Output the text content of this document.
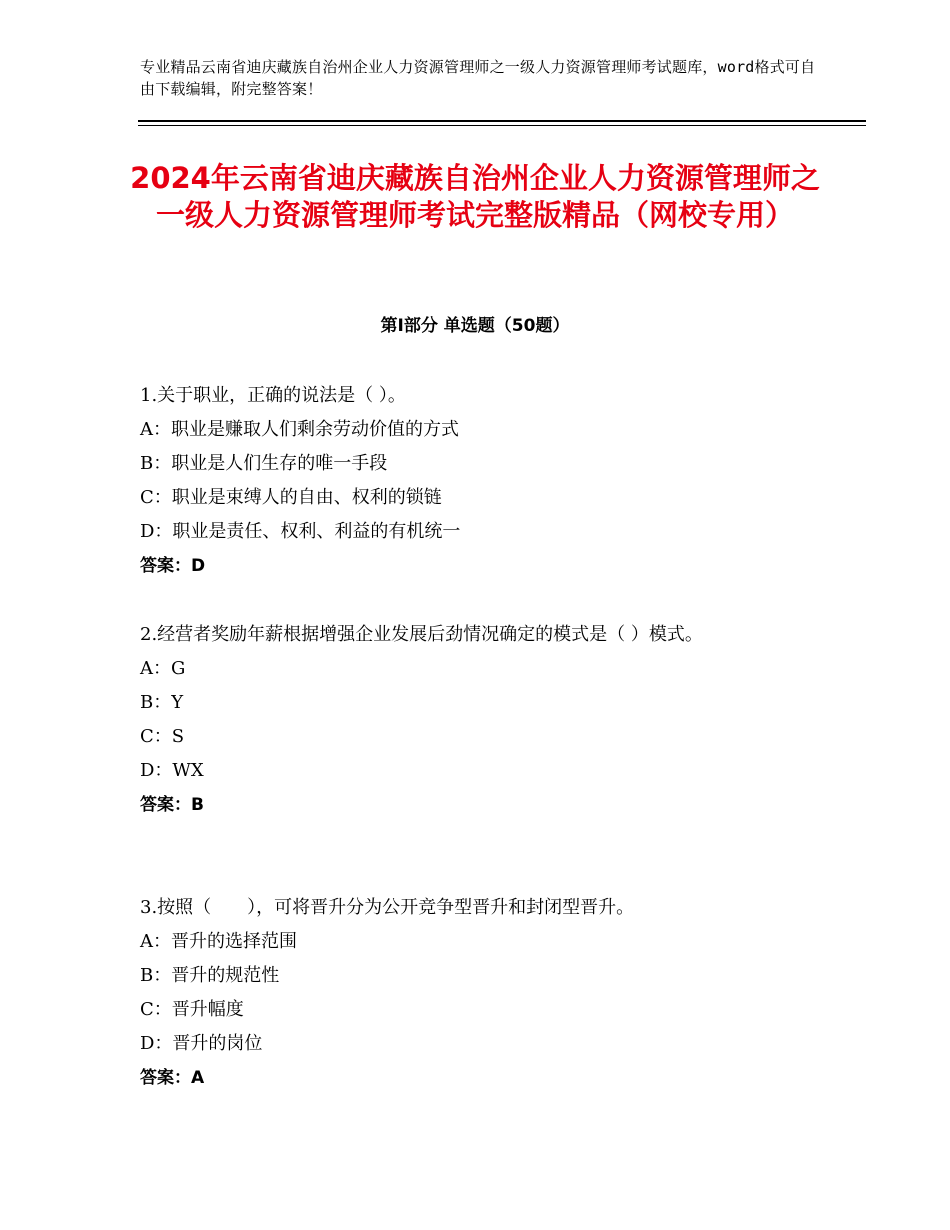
专业精品云南省迪庆藏族自治州企业人力资源管理师之一级人力资源管理师考试题库，word格式可自由下载编辑，附完整答案！
2024年云南省迪庆藏族自治州企业人力资源管理师之一级人力资源管理师考试完整版精品（网校专用）
第Ⅰ部分 单选题（50题）
1.关于职业，正确的说法是（ ）。
A：职业是赚取人们剩余劳动价值的方式
B：职业是人们生存的唯一手段
C：职业是束缚人的自由、权利的锁链
D：职业是责任、权利、利益的有机统一
答案：D
2.经营者奖励年薪根据增强企业发展后劲情况确定的模式是（ ）模式。
A：G
B：Y
C：S
D：WX
答案：B
3.按照（　　），可将晋升分为公开竞争型晋升和封闭型晋升。
A：晋升的选择范围
B：晋升的规范性
C：晋升幅度
D：晋升的岗位
答案：A
